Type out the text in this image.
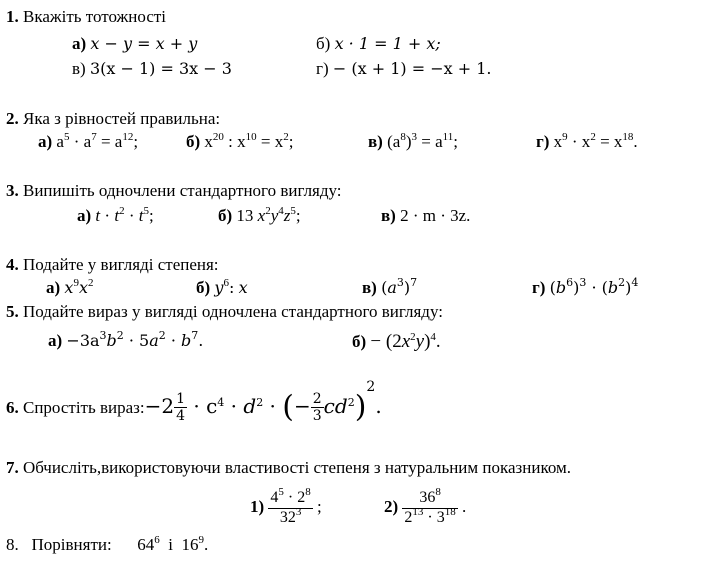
1. Вкажіть тотожності
а) x − y = x + y	б) x · 1 = 1 + x;
в) 3(x − 1) = 3x − 3	г) − (x + 1) = −x + 1.
2. Яка з рівностей правильна:
а) $a^5 \cdot a^7 = a^{12}$;	б) $x^{20}$ : $x^{10} = x^2$;	в) $(a^8)^3 = a^{11}$;	г) $x^9 \cdot x^2 = x^{18}$.
3. Випишіть одночлени стандартного вигляду:
а) $t \cdot t^2 \cdot t^5$;	б) 13 $x^2y^4z^5$;	в) 2 · m · 3z.
4. Подайте у вигляді степеня:
а) $x^9x^2$	б) $y^6$: x	в) $(a^3)^7$	г) $(b^6)^3 \cdot (b^2)^4$
5. Подайте вираз у вигляді одночлена стандартного вигляду:
$а) -3a^3b^2 \cdot 5a^2 \cdot b^7$.	$б) - (2x^2y)^4$.
6. Спростіть вираз:−2 $\frac{1}{4} \cdot c^4 \cdot d^2$ · (− $\frac{2}{3} cd^2)^2$.
7. Обчисліть,використовуючи властивості степеня з натуральним показником.
$1) \frac{4^5 \cdot 2^8}{32^3}$ ;	$2) \frac{36^8}{2^{13} \cdot 3^{18}}$ .
8. Порівняти:      $64^6$ і  $16^9$.
